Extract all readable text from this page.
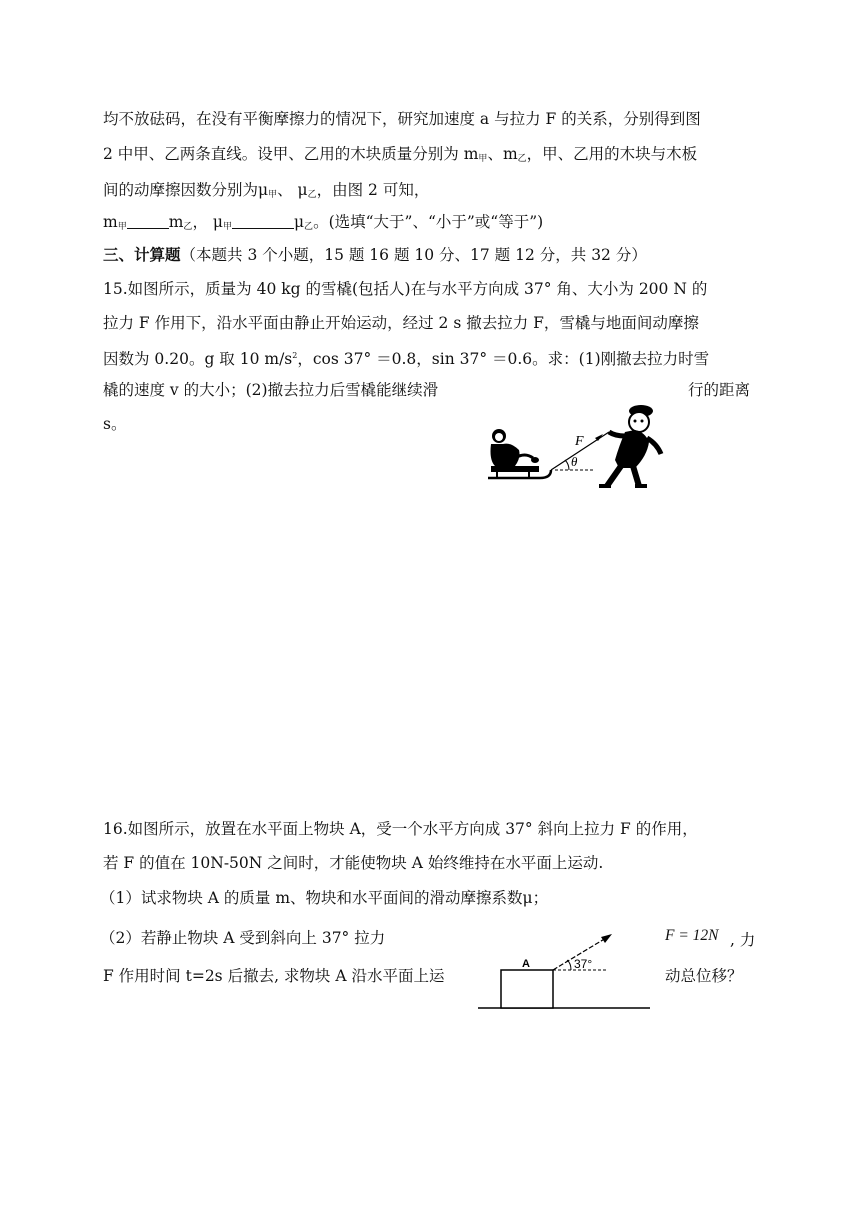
均不放砝码，在没有平衡摩擦力的情况下，研究加速度 a 与拉力 F 的关系，分别得到图
2 中甲、乙两条直线。设甲、乙用的木块质量分别为 $m_甲$、$m_乙$，甲、乙用的木块与木板
间的动摩擦因数分别为$\mu_甲$、 $\mu_乙$，由图 2 可知，
$m_甲$	$m_乙$， $\mu_甲$	$\mu_乙$。(选填“大于”、“小于”或“等于”)
三、计算题（本题共 3 个小题，15 题 16 题 10 分、17 题 12 分，共 32 分）
15.如图所示，质量为 40 kg 的雪橇(包括人)在与水平方向成 37° 角、大小为 200 N 的
拉力 F 作用下，沿水平面由静止开始运动，经过 2 s 撤去拉力 F，雪橇与地面间动摩擦
因数为 0.20。g 取 10 $m/s^2$，cos 37° ＝0.8，sin 37° ＝0.6。求：(1)刚撤去拉力时雪
橇的速度 v 的大小；(2)撤去拉力后雪橇能继续滑	行的距离
s。
F
θ
16.如图所示，放置在水平面上物块 A，受一个水平方向成 37° 斜向上拉力 F 的作用，
若 F 的值在 10N-50N 之间时，才能使物块 A 始终维持在水平面上运动.
（1）试求物块 A 的质量 m、物块和水平面间的滑动摩擦系数μ；
（2）若静止物块 A 受到斜向上 37° 拉力	F = 12N , 力
F 作用时间 t=2s 后撤去, 求物块 A 沿水平面上运	动总位移？
A	37°
